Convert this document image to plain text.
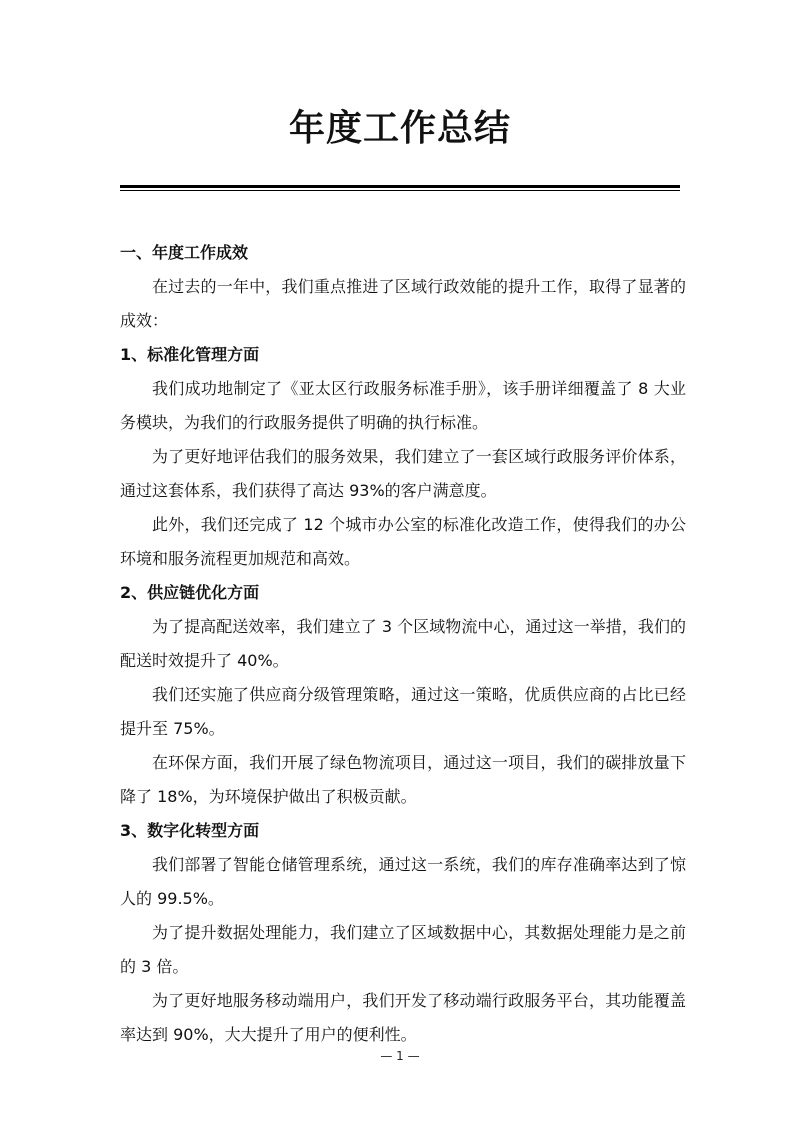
年度工作总结
一、年度工作成效

在过去的一年中，我们重点推进了区域行政效能的提升工作，取得了显著的成效：

1、标准化管理方面

我们成功地制定了《亚太区行政服务标准手册》，该手册详细覆盖了 8 大业务模块，为我们的行政服务提供了明确的执行标准。

为了更好地评估我们的服务效果，我们建立了一套区域行政服务评价体系，通过这套体系，我们获得了高达 93%的客户满意度。

此外，我们还完成了 12 个城市办公室的标准化改造工作，使得我们的办公环境和服务流程更加规范和高效。

2、供应链优化方面

为了提高配送效率，我们建立了 3 个区域物流中心，通过这一举措，我们的配送时效提升了 40%。

我们还实施了供应商分级管理策略，通过这一策略，优质供应商的占比已经提升至 75%。

在环保方面，我们开展了绿色物流项目，通过这一项目，我们的碳排放量下降了 18%，为环境保护做出了积极贡献。

3、数字化转型方面

我们部署了智能仓储管理系统，通过这一系统，我们的库存准确率达到了惊人的 99.5%。

为了提升数据处理能力，我们建立了区域数据中心，其数据处理能力是之前的 3 倍。

为了更好地服务移动端用户，我们开发了移动端行政服务平台，其功能覆盖率达到 90%，大大提升了用户的便利性。

— 1 —
